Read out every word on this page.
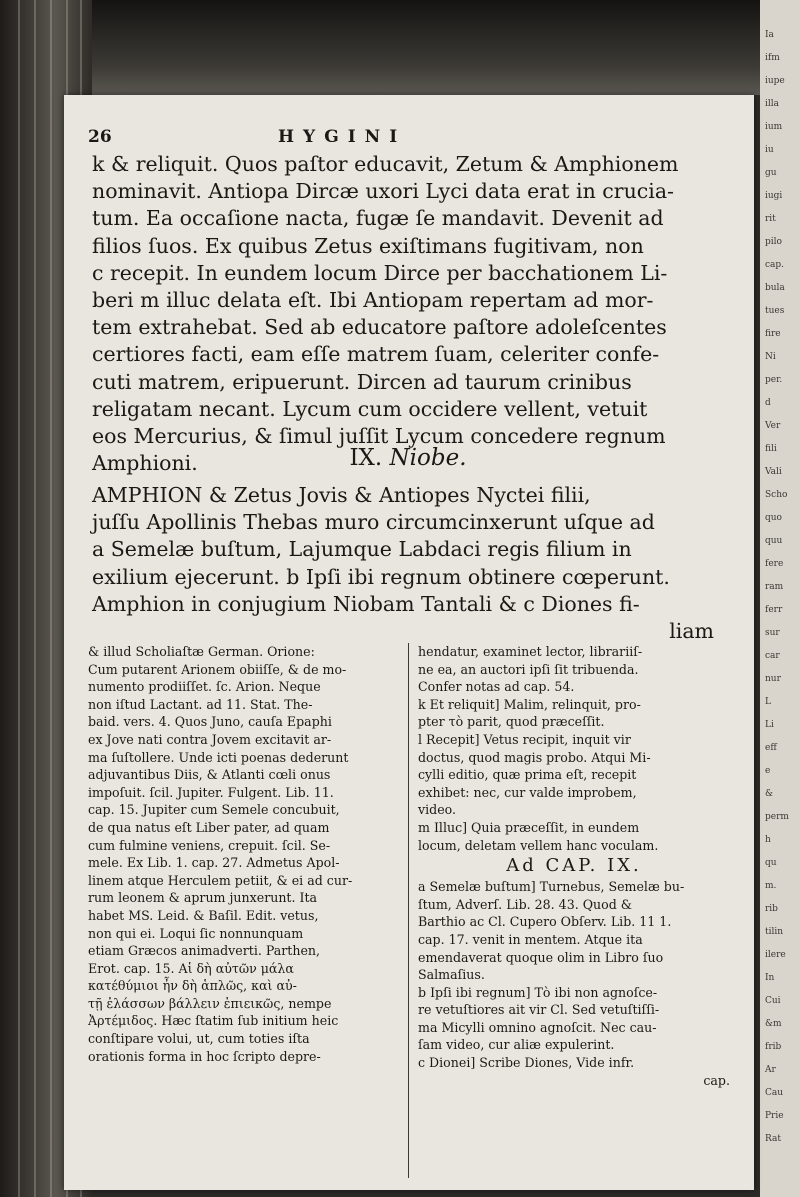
Ia
ifm
iupe
illa
ium
iu
gu
iugi
rit
pilo
cap.
bula
tues
fire
Ni
per.
d
Ver
fili
Vali
Scho
quo
quu
fere
ram
ferr
sur
car
nur
L
Li
eff
e
&
perm
h
qu
m.
rib
tilin
ilere
In
Cui
&m
frib
Ar
Cau
Prie
Rat
26	HYGINI

k & reliquit. Quos paſtor educavit, Zetum & Amphionem

nominavit. Antiopa Dircæ uxori Lyci data erat in crucia-

tum. Ea occaſione nacta, fugæ ſe mandavit. Devenit ad

filios ſuos. Ex quibus Zetus exiſtimans fugitivam, non

c recepit. In eundem locum Dirce per bacchationem Li-

beri m illuc delata eſt. Ibi Antiopam repertam ad mor-

tem extrahebat. Sed ab educatore paſtore adoleſcentes

certiores facti, eam eſſe matrem ſuam, celeriter confe-

cuti matrem, eripuerunt. Dircen ad taurum crinibus

religatam necant. Lycum cum occidere vellent, vetuit

eos Mercurius, & ſimul juſſit Lycum concedere regnum

Amphioni.	IX. Niobe.

AMPHION & Zetus Jovis & Antiopes Nyctei filii,

juſſu Apollinis Thebas muro circumcinxerunt uſque ad

a Semelæ buſtum, Lajumque Labdaci regis filium in

exilium ejecerunt. b Ipſi ibi regnum obtinere cœperunt.

Amphion in conjugium Niobam Tantali & c Diones fi-

liam

& illud Scholiaſtæ German. Orione:

Cum putarent Arionem obiiſſe, & de mo-

numento prodiiſſet. ſc. Arion. Neque

non iſtud Lactant. ad 11. Stat. The-

baid. vers. 4. Quos Juno, cauſa Epaphi

ex Jove nati contra Jovem excitavit ar-

ma ſuſtollere. Unde icti poenas dederunt

adjuvantibus Diis, & Atlanti cœli onus

impoſuit. ſcil. Jupiter. Fulgent. Lib. 11.

cap. 15. Jupiter cum Semele concubuit,

de qua natus eſt Liber pater, ad quam

cum fulmine veniens, crepuit. ſcil. Se-

mele. Ex Lib. 1. cap. 27. Admetus Apol-

linem atque Herculem petiit, & ei ad cur-

rum leonem & aprum junxerunt. Ita

habet MS. Leid. & Baſil. Edit. vetus,

non qui ei. Loqui ſic nonnunquam

etiam Græcos animadverti. Parthen,

Erot. cap. 15. Αἱ δὴ αὐτῶν μάλα

κατέθύμιοι ἦν δὴ ἁπλῶς, καὶ αὐ-

τῇ ἐλάσσων βάλλειν ἐπιεικῶς, nempe

Ἀρτέμιδος. Hæc ſtatim ſub initium heic

conſtipare volui, ut, cum toties iſta

orationis forma in hoc ſcripto depre-

hendatur, examinet lector, librariiſ-

ne ea, an auctori ipſi ſit tribuenda.

Confer notas ad cap. 54.

k Et reliquit] Malim, relinquit, pro-

pter τὸ parit, quod præceſſit.

l Recepit] Vetus recipit, inquit vir

doctus, quod magis probo. Atqui Mi-

cylli editio, quæ prima eſt, recepit

exhibet: nec, cur valde improbem,

video.

m Illuc] Quia præceſſit, in eundem

locum, deletam vellem hanc voculam.

Ad CAP. IX.

a Semelæ buſtum] Turnebus, Semelæ bu-

ſtum, Adverſ. Lib. 28. 43. Quod &

Barthio ac Cl. Cupero Obſerv. Lib. 11 1.

cap. 17. venit in mentem. Atque ita

emendaverat quoque olim in Libro ſuo

Salmaſius.

b Ipſi ibi regnum] Τὸ ibi non agnoſce-

re vetuſtiores ait vir Cl. Sed vetuſtiſſi-

ma Micylli omnino agnoſcit. Nec cau-

ſam video, cur aliæ expulerint.

c Dionei] Scribe Diones, Vide infr.

cap.
